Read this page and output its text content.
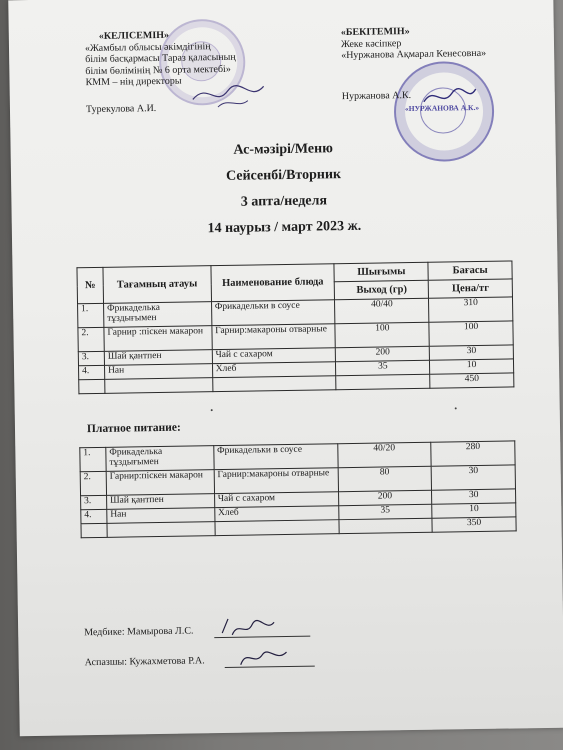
«НУРЖАНОВА А.К.»
«КЕЛІСЕМІН»
«Жамбыл облысы әкімдігінің
білім басқармасы Тараз қаласының
білім бөлімінің № 6 орта мектебі»
КММ – нің директоры
Турекулова А.И.
«БЕКІТЕМІН»
Жеке кәсіпкер
«Нуржанова Ақмарал Кенесовна»
Нуржанова А.К.
Ас-мәзірі/Меню
Сейсенбі/Вторник
3 апта/неделя
14 наурыз / март 2023 ж.
№	Тағамның атауы	Наименование блюда	Шығымы	Бағасы
			Выход (гр)	Цена/тг
1.	Фрикаделька тұздығымен	Фрикадельки в соусе	40/40	310
2.	Гарнир :піскен макарон	Гарнир:макароны отварные	100	100
3.	Шай қантпен	Чай с сахаром	200	30
4.	Нан	Хлеб	35	10
				450
Платное питание:
1.	Фрикаделька тұздығымен	Фрикадельки в соусе	40/20	280
2.	Гарнир:піскен макарон	Гарнир:макароны отварные	80	30
3.	Шай қантпен	Чай с сахаром	200	30
4.	Нан	Хлеб	35	10
				350
Медбике: Мамырова Л.С.
Аспазшы: Кужахметова Р.А.
